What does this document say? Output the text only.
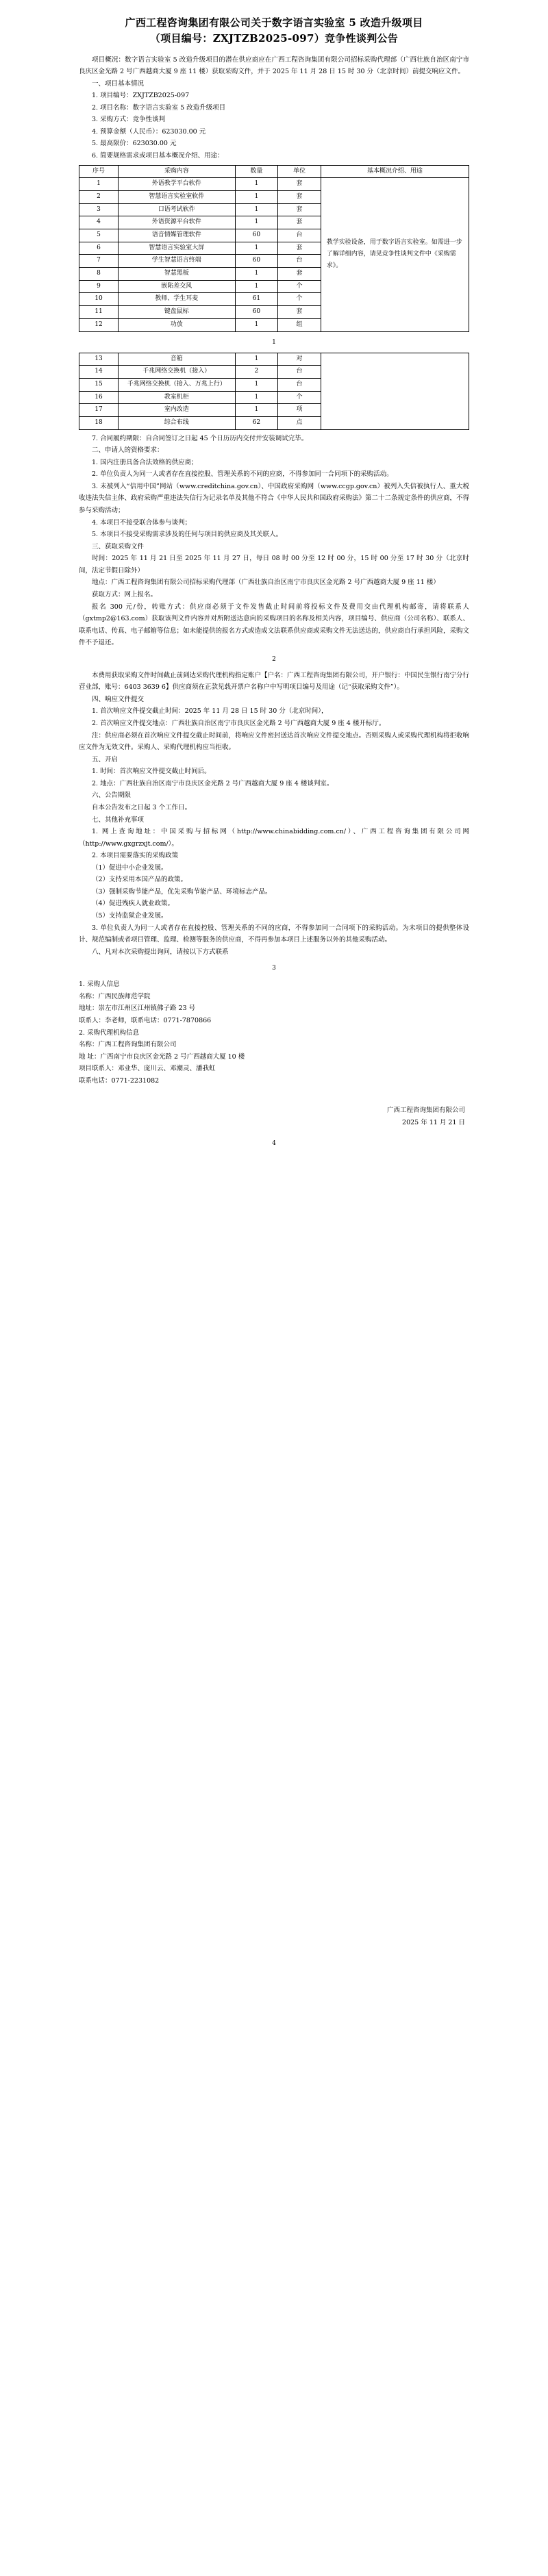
广西工程咨询集团有限公司关于数字语言实验室 5 改造升级项目
（项目编号：ZXJTZB2025-097）竞争性谈判公告

项目概况：数字语言实验室 5 改造升级项目的潜在供应商应在广西工程咨询集团有限公司招标采购代理部（广西壮族自治区南宁市良庆区金光路 2 号广西越商大厦 9 座 11 楼）获取采购文件，并于 2025 年 11 月 28 日 15 时 30 分（北京时间）前提交响应文件。

一、项目基本情况

1. 项目编号：ZXJTZB2025-097

2. 项目名称：数字语言实验室 5 改造升级项目

3. 采购方式：竞争性谈判

4. 预算金额（人民币）：623030.00 元

5. 最高限价：623030.00 元

6. 简要规格需求或项目基本概况介绍、用途：

序号	采购内容	数量	单位	基本概况介绍、用途
1	外语教学平台软件	1	套	教学实验设备，用于数字语言实验室。如需进一步了解详细内容，请见竞争性谈判文件中《采购需求》。
2	智慧语言实验室软件	1	套	
3	口语考试软件	1	套	
4	外语资源平台软件	1	套	
5	语音情媒管理软件	60	台	
6	智慧语言实验室大屏	1	套	
7	学生智慧语言终端	60	台	
8	智慧黑板	1	套	
9	嵌陷差交风	1	个	
10	教师、学生耳麦	61	个	
11	键盘鼠标	60	套	
12	功放	1	组	
1
13	音箱	1	对	
14	千兆网络交换机（接入）	2	台	
15	千兆网络交换机（接入、万兆上行）	1	台	
16	教室机柜	1	个	
17	室内改造	1	项	
18	综合布线	62	点	

7. 合同履约期限：自合同签订之日起 45 个日历历内交付并安装调试完毕。

二、申请人的资格要求：

1. 国内注册具备合法效格的供应商；

2. 单位负责人为同一人或者存在直接控股、管理关系的不同的应商，不得参加同一合同项下的采购活动。

3. 未被列入“信用中国”网站（www.creditchina.gov.cn）、中国政府采购网（www.ccgp.gov.cn）被列入失信被执行人、重大税收违法失信主体、政府采购严重违法失信行为记录名单及其他不符合《中华人民共和国政府采购法》第二十二条规定条件的供应商，不得参与采购活动；

4. 本项目不接受联合体参与谈判；

5. 本项目不接受采购需求涉及的任何与项目的供应商及其关联人。

三、获取采购文件

时间：2025 年 11 月 21 日至 2025 年 11 月 27 日，每日 08 时 00 分至 12 时 00 分，15 时 00 分至 17 时 30 分（北京时间，法定节假日除外）

地点：广西工程咨询集团有限公司招标采购代理部（广西壮族自治区南宁市良庆区金光路 2 号广西越商大厦 9 座 11 楼）

获取方式：网上报名。

报名 300 元/份，转账方式：供应商必须于文件发售截止时间前将投标文件及费用交由代理机构邮寄，请将联系人（gxtmp2@163.com）获取该判文件内容并对所附送达意向的采购项目的名称及相关内容，项目编号、供应商（公司名称）、联系人、联系电话、传真、电子邮箱等信息；如未能提供的报名方式或造成文法联系供应商或采购文件无法送达的，供应商自行承担风险，采购文件不予退还。

2

本费用获取采购文件时间截止前到达采购代理机构指定账户【户名：广西工程咨询集团有限公司，开户银行：中国民生银行南宁分行营业部，账号：6403 3639 6】供应商须在正款见载开票户名称户中写明项目编号及用途（记“获取采购文件”）。

四、响应文件提交

1. 首次响应文件提交截止时间：2025 年 11 月 28 日 15 时 30 分（北京时间），

2. 首次响应文件提交地点：广西壮族自治区南宁市良庆区金光路 2 号广西越商大厦 9 座 4 楼开标厅。

注：供应商必须在首次响应文件提交截止时间前，将响应文件密封送达首次响应文件提交地点。否则采购人或采购代理机构将拒收响应文件为无效文件。采购人、采购代理机构应当拒收。

五、开启

1. 时间：首次响应文件提交截止时间后。

2. 地点：广西壮族自治区南宁市良庆区金光路 2 号广西越商大厦 9 座 4 楼谈判室。

六、公告期限

自本公告发布之日起 3 个工作日。

七、其他补充事项

1. 网上查询地址：中国采购与招标网（http://www.chinabidding.com.cn/）、广西工程咨询集团有限公司网（http://www.gxgrzxjt.com/）。

2. 本项目需要落实的采购政策

（1）促进中小企业发展。

（2）支持采用本国产品的政策。

（3）强制采购节能产品，优先采购节能产品、环境标志产品。

（4）促进残疾人就业政策。

（5）支持监狱企业发展。

3. 单位负责人为同一人或者存在直接控股、管理关系的不同的应商，不得参加同一合同项下的采购活动。为未项目的提供整体设计、规范编制或者项目管理、监理、检测等服务的供应商，不得再参加本项目上述服务以外的其他采购活动。

八、凡对本次采购提出询问，请按以下方式联系

3

1. 采购人信息

名称：广西民族师范学院

地址：崇左市江州区江州镇佛子路 23 号

联系人：李老师，联系电话：0771-7870866

2. 采购代理机构信息

名称：广西工程咨询集团有限公司

地 址：广西南宁市良庆区金光路 2 号广西越商大厦 10 楼

项目联系人：邓业华、庞川云、邓潮灵、潘我虹

联系电话：0771-2231082

广西工程咨询集团有限公司
2025 年 11 月 21 日
4
